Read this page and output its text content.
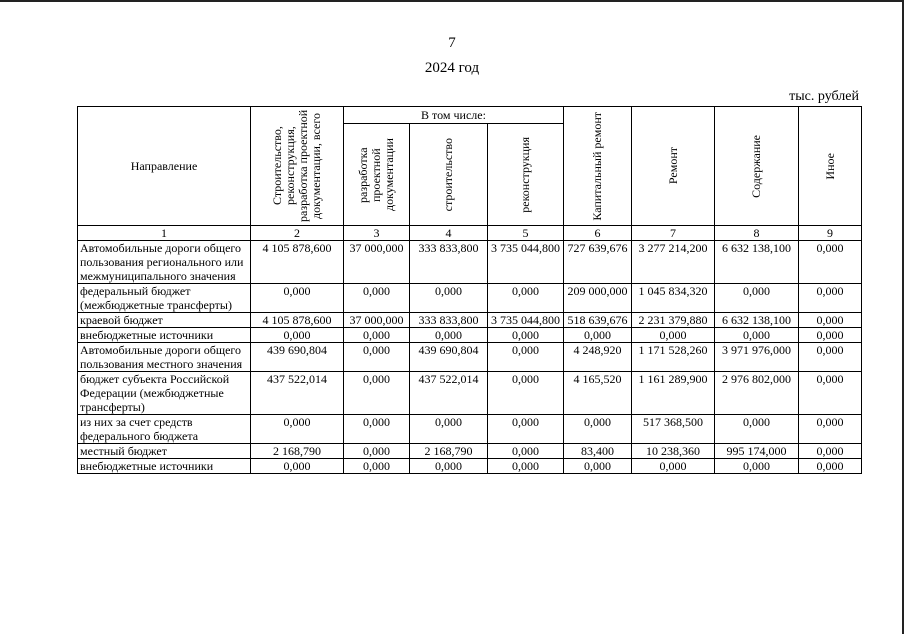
7
2024 год
тыс. рублей
Направление	Строительство, реконструкция, разработка проектной документации, всего	В том числе:			Капитальный ремонт	Ремонт	Содержание	Иное

		разработка проектной документации	строительство	реконструкция				

1	2	3	4	5	6	7	8	9
Автомобильные дороги общего пользования регионального или межмуниципального значения	4 105 878,600	37 000,000	333 833,800	3 735 044,800	727 639,676	3 277 214,200	6 632 138,100	0,000
федеральный бюджет (межбюджетные трансферты)	0,000	0,000	0,000	0,000	209 000,000	1 045 834,320	0,000	0,000
краевой бюджет	4 105 878,600	37 000,000	333 833,800	3 735 044,800	518 639,676	2 231 379,880	6 632 138,100	0,000
внебюджетные источники	0,000	0,000	0,000	0,000	0,000	0,000	0,000	0,000
Автомобильные дороги общего пользования местного значения	439 690,804	0,000	439 690,804	0,000	4 248,920	1 171 528,260	3 971 976,000	0,000
бюджет субъекта Российской Федерации (межбюджетные трансферты)	437 522,014	0,000	437 522,014	0,000	4 165,520	1 161 289,900	2 976 802,000	0,000
из них за счет средств федерального бюджета	0,000	0,000	0,000	0,000	0,000	517 368,500	0,000	0,000
местный бюджет	2 168,790	0,000	2 168,790	0,000	83,400	10 238,360	995 174,000	0,000
внебюджетные источники	0,000	0,000	0,000	0,000	0,000	0,000	0,000	0,000
